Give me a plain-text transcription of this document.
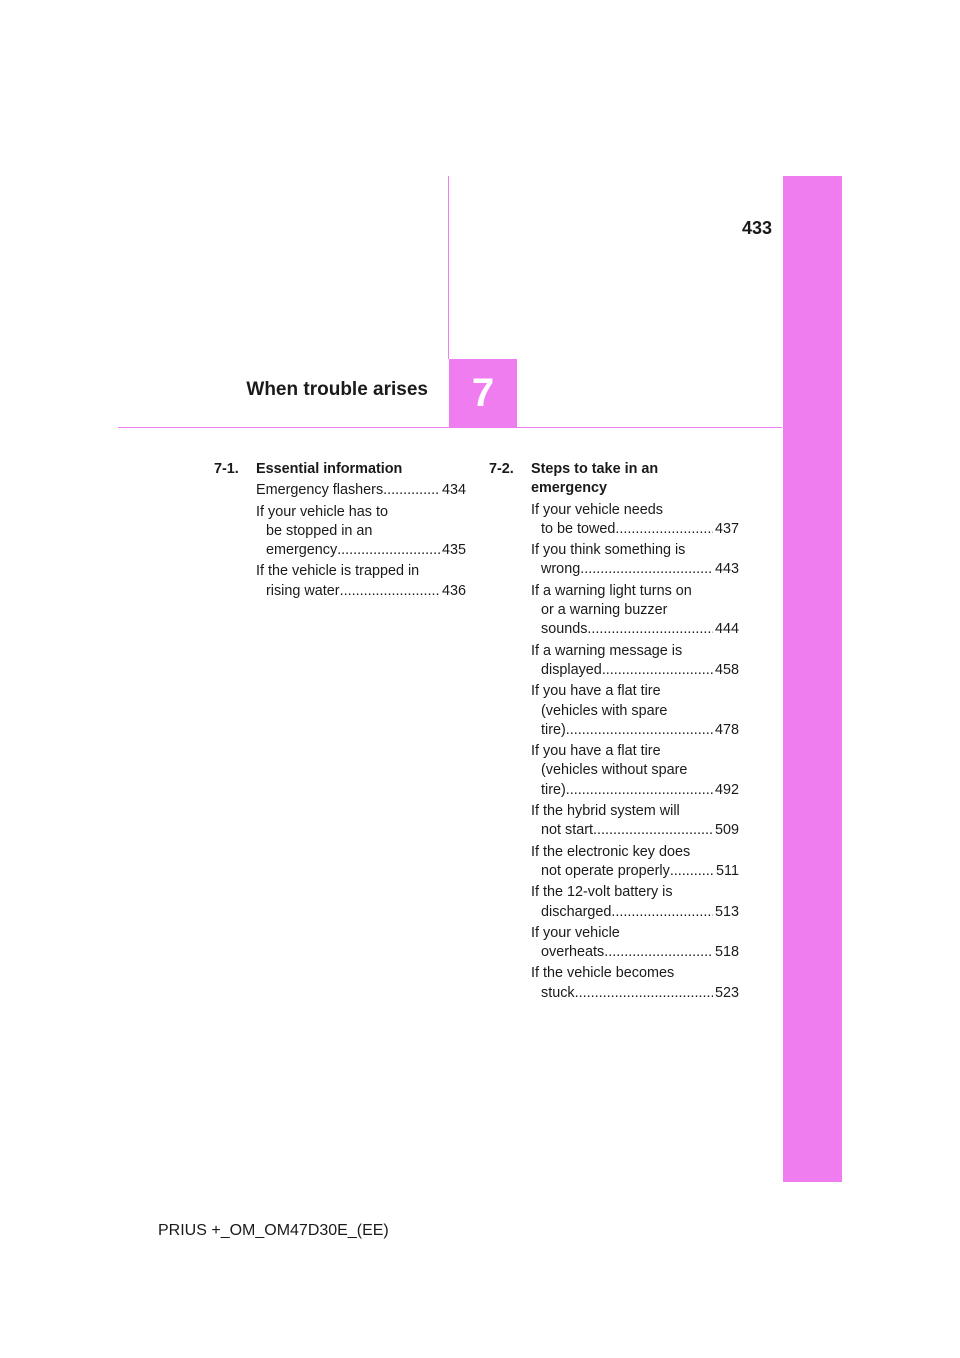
433
When trouble arises 7
7-1.	Essential information
Emergency flashers .....	434
If your vehicle has to
be stopped in an
emergency .....	435
If the vehicle is trapped in
rising water .....	436
7-2.	Steps to take in an
emergency
If your vehicle needs
to be towed .....	437
If you think something is
wrong .....	443
If a warning light turns on
or a warning buzzer
sounds .....	444
If a warning message is
displayed .....	458
If you have a flat tire
(vehicles with spare
tire) .....	478
If you have a flat tire
(vehicles without spare
tire) .....	492
If the hybrid system will
not start. .....	509
If the electronic key does
not operate properly .....	511
If the 12-volt battery is
discharged .....	513
If your vehicle
overheats .....	518
If the vehicle becomes
stuck .....	523
PRIUS +_OM_OM47D30E_(EE)
